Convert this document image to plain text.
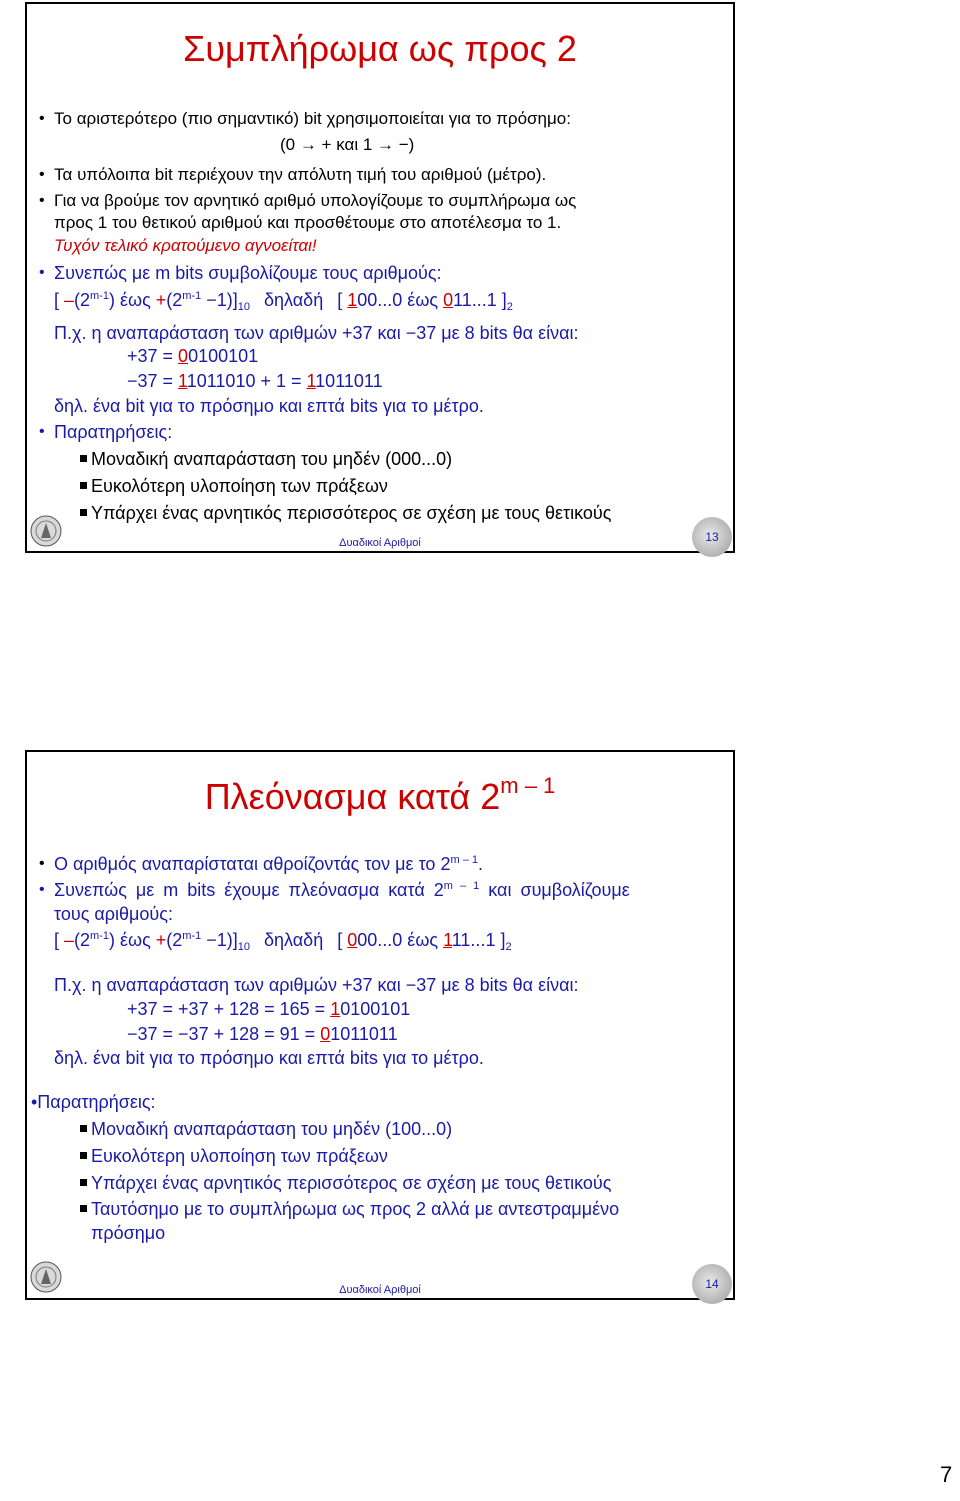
Συμπλήρωμα ως προς 2
• Το αριστερότερο (πιο σημαντικό) bit χρησιμοποιείται για το πρόσημο:
(0 → + και 1 → −)
• Τα υπόλοιπα bit περιέχουν την απόλυτη τιμή του αριθμού (μέτρο).
• Για να βρούμε τον αρνητικό αριθμό υπολογίζουμε το συμπλήρωμα ως
προς 1 του θετικού αριθμού και προσθέτουμε στο αποτέλεσμα το 1.
Τυχόν τελικό κρατούμενο αγνοείται!
• Συνεπώς με m bits συμβολίζουμε τους αριθμούς:
[ –(2$^{m-1}$) $έ\omega\varsigma +(2^{m-1} -1)]_{10}$ δηλαδή [ 100...0 έως 011...1 ]$_2$
Π.χ. η αναπαράσταση των αριθμών +37 και −37 με 8 bits θα είναι:
+37 = 00100101
−37 = 11011010 + 1 = 11011011
δηλ. ένα bit για το πρόσημο και επτά bits για το μέτρο.
• Παρατηρήσεις:
Μοναδική αναπαράσταση του μηδέν (000...0)
Ευκολότερη υλοποίηση των πράξεων
Υπάρχει ένας αρνητικός περισσότερος σε σχέση με τους θετικούς
Δυαδικοί Αριθμοί	13
Πλεόνασμα κατά 2$^{m - 1}$
• Ο αριθμός αναπαρίσταται αθροίζοντάς τον με το 2$^{m - 1}$.
• Συνεπώς με m bits έχουμε πλεόνασμα κατά 2$^{m - 1}$ και συμβολίζουμε
τους αριθμούς:
[ –(2$^{m-1}$) $έ\omega\varsigma +(2^{m-1} -1)]_{10}$ δηλαδή [ 000...0 έως 111...1 ]$_2$
Π.χ. η αναπαράσταση των αριθμών +37 και −37 με 8 bits θα είναι:
+37 = +37 + 128 = 165 = 10100101
−37 = −37 + 128 = 91 = 01011011
δηλ. ένα bit για το πρόσημο και επτά bits για το μέτρο.
•Παρατηρήσεις:
Μοναδική αναπαράσταση του μηδέν (100...0)
Ευκολότερη υλοποίηση των πράξεων
Υπάρχει ένας αρνητικός περισσότερος σε σχέση με τους θετικούς
Ταυτόσημο με το συμπλήρωμα ως προς 2 αλλά με αντεστραμμένο
πρόσημο
Δυαδικοί Αριθμοί	14
7
